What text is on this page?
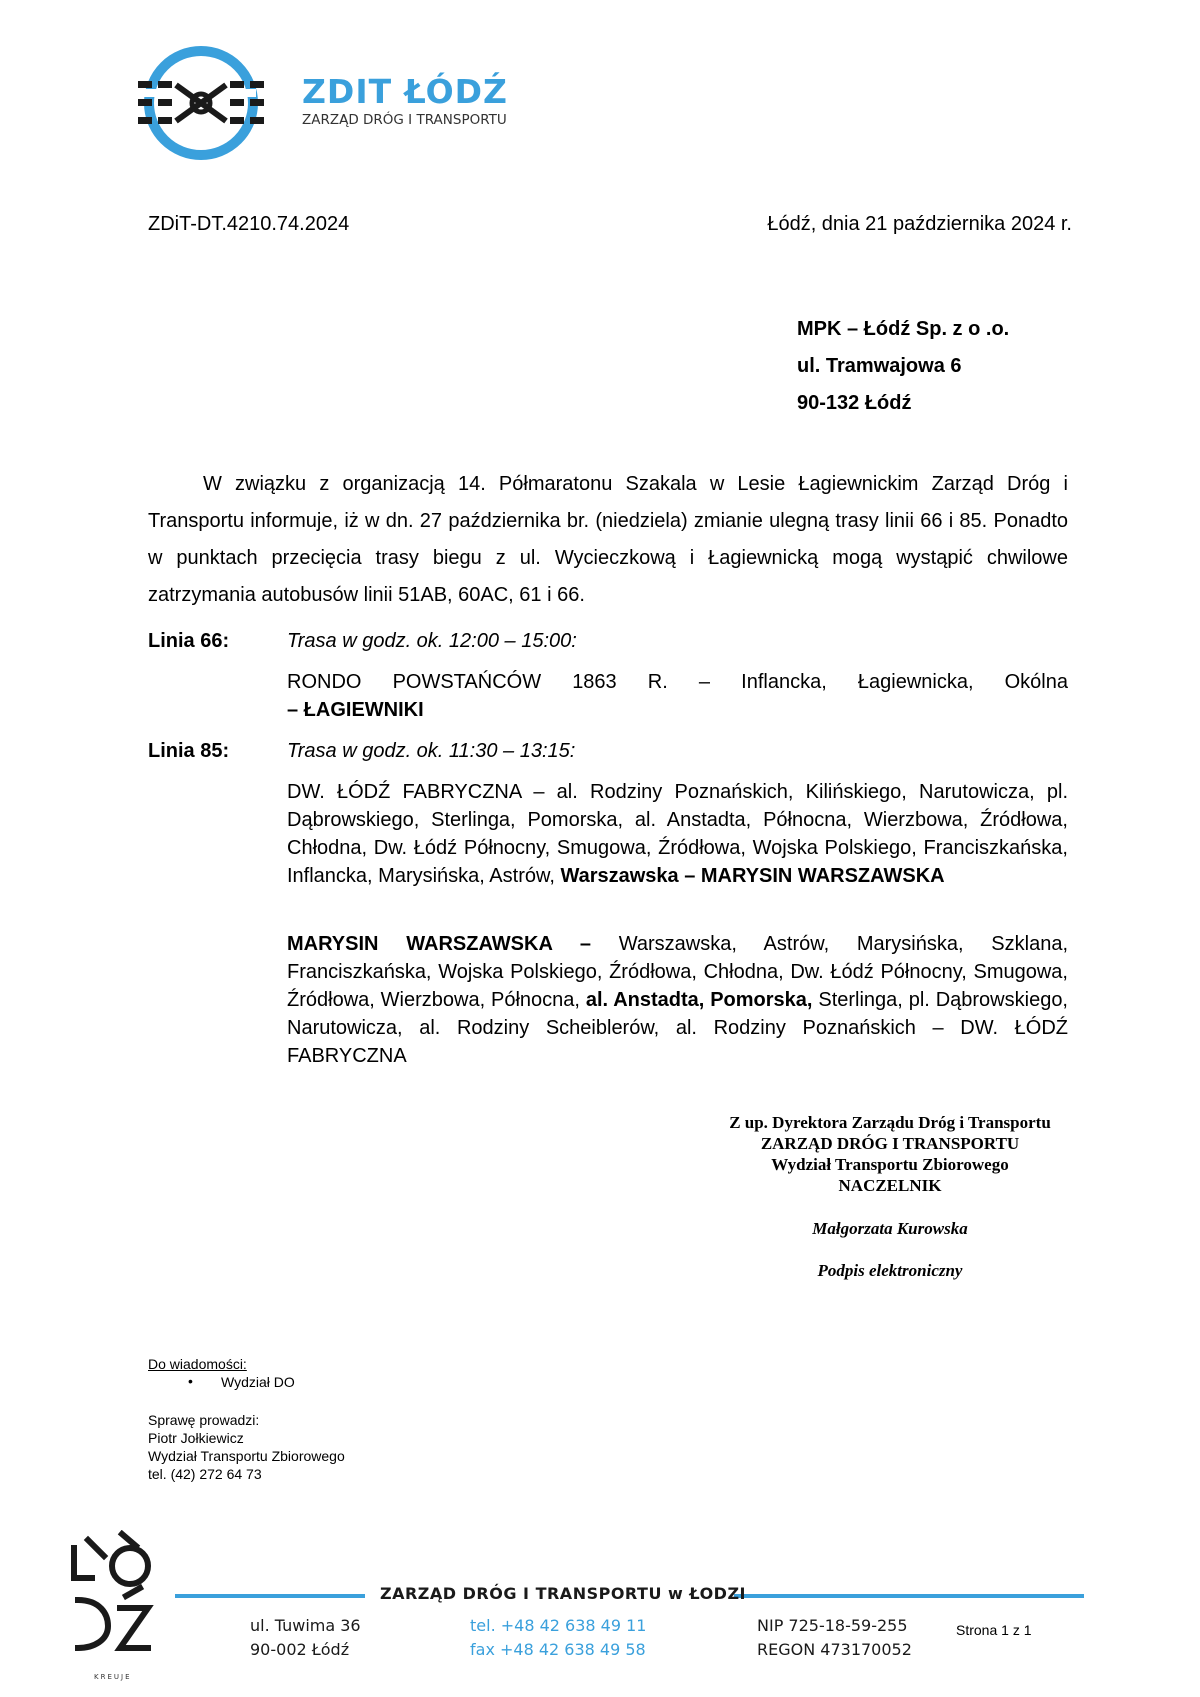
ZDIT ŁÓDŹ
ZARZĄD DRÓG I TRANSPORTU
ZDiT-DT.4210.74.2024	Łódź, dnia 21 października 2024 r.
MPK – Łódź Sp. z o .o.
ul. Tramwajowa 6
90-132 Łódź
W związku z organizacją 14. Półmaratonu Szakala w Lesie Łagiewnickim Zarząd Dróg i Transportu informuje, iż w dn. 27 października br. (niedziela) zmianie ulegną trasy linii 66 i 85. Ponadto w punktach przecięcia trasy biegu z ul. Wycieczkową i Łagiewnicką mogą wystąpić chwilowe zatrzymania autobusów linii 51AB, 60AC, 61 i 66.
Linia 66:	Trasa w godz. ok. 12:00 – 15:00:
RONDO POWSTAŃCÓW 1863 R. – Inflancka, Łagiewnicka, Okólna
– ŁAGIEWNIKI
Linia 85:	Trasa w godz. ok. 11:30 – 13:15:
DW. ŁÓDŹ FABRYCZNA – al. Rodziny Poznańskich, Kilińskiego, Narutowicza, pl. Dąbrowskiego, Sterlinga, Pomorska, al. Anstadta, Północna, Wierzbowa, Źródłowa, Chłodna, Dw. Łódź Północny, Smugowa, Źródłowa, Wojska Polskiego, Franciszkańska, Inflancka, Marysińska, Astrów, Warszawska – MARYSIN WARSZAWSKA
MARYSIN WARSZAWSKA – Warszawska, Astrów, Marysińska, Szklana, Franciszkańska, Wojska Polskiego, Źródłowa, Chłodna, Dw. Łódź Północny, Smugowa, Źródłowa, Wierzbowa, Północna, al. Anstadta, Pomorska, Sterlinga, pl. Dąbrowskiego, Narutowicza, al. Rodziny Scheiblerów, al. Rodziny Poznańskich – DW. ŁÓDŹ FABRYCZNA
Z up. Dyrektora Zarządu Dróg i Transportu
ZARZĄD DRÓG I TRANSPORTU
Wydział Transportu Zbiorowego
NACZELNIK
Małgorzata Kurowska
Podpis elektroniczny
Do wiadomości:
• Wydział DO
Sprawę prowadzi:
Piotr Jołkiewicz
Wydział Transportu Zbiorowego
tel. (42) 272 64 73
KREUJE
ZARZĄD DRÓG I TRANSPORTU w ŁODZI
ul. Tuwima 36
90-002 Łódź
tel. +48 42 638 49 11
fax +48 42 638 49 58
NIP 725-18-59-255
REGON 473170052
Strona 1 z 1
